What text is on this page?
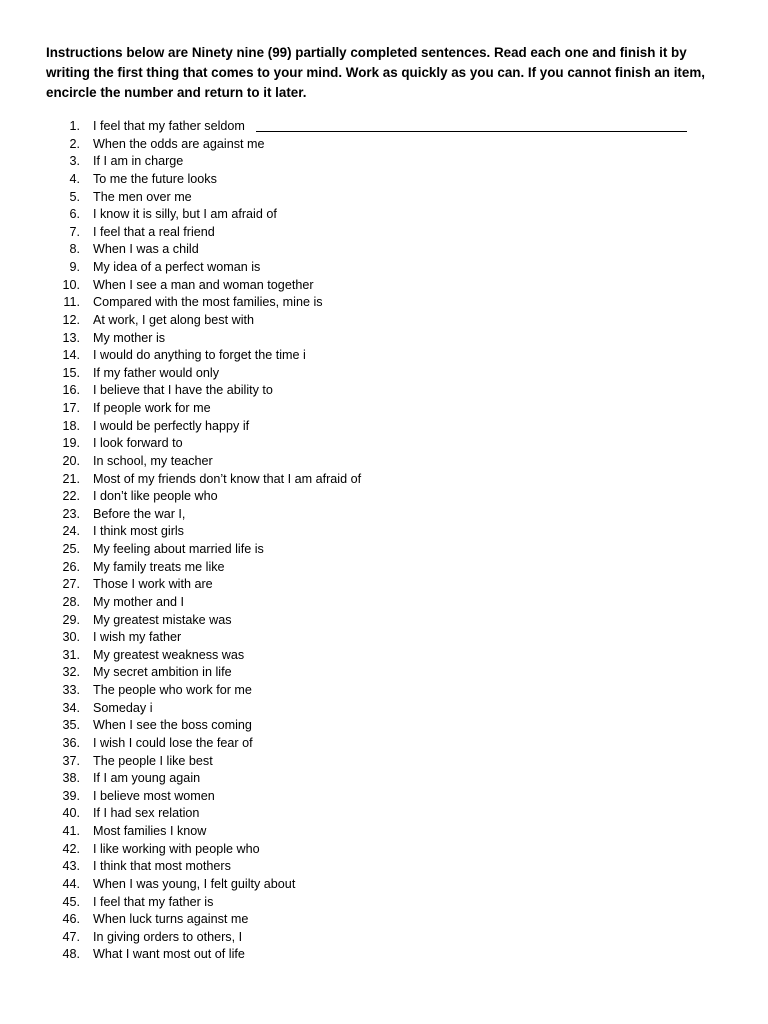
Instructions below are Ninety nine (99) partially completed sentences. Read each one and finish it by
writing the first thing that comes to your mind. Work as quickly as you can. If you cannot finish an item,
encircle the number and return to it later.
1. I feel that my father seldom
2. When the odds are against me
3. If I am in charge
4. To me the future looks
5. The men over me
6. I know it is silly, but I am afraid of
7. I feel that a real friend
8. When I was a child
9. My idea of a perfect woman is
10. When I see a man and woman together
11. Compared with the most families, mine is
12. At work, I get along best with
13. My mother is
14. I would do anything to forget the time i
15. If my father would only
16. I believe that I have the ability to
17. If people work for me
18. I would be perfectly happy if
19. I look forward to
20. In school, my teacher
21. Most of my friends don’t know that I am afraid of
22. I don’t like people who
23. Before the war I,
24. I think most girls
25. My feeling about married life is
26. My family treats me like
27. Those I work with are
28. My mother and I
29. My greatest mistake was
30. I wish my father
31. My greatest weakness was
32. My secret ambition in life
33. The people who work for me
34. Someday i
35. When I see the boss coming
36. I wish I could lose the fear of
37. The people I like best
38. If I am young again
39. I believe most women
40. If I had sex relation
41. Most families I know
42. I like working with people who
43. I think that most mothers
44. When I was young, I felt guilty about
45. I feel that my father is
46. When luck turns against me
47. In giving orders to others, I
48. What I want most out of life
